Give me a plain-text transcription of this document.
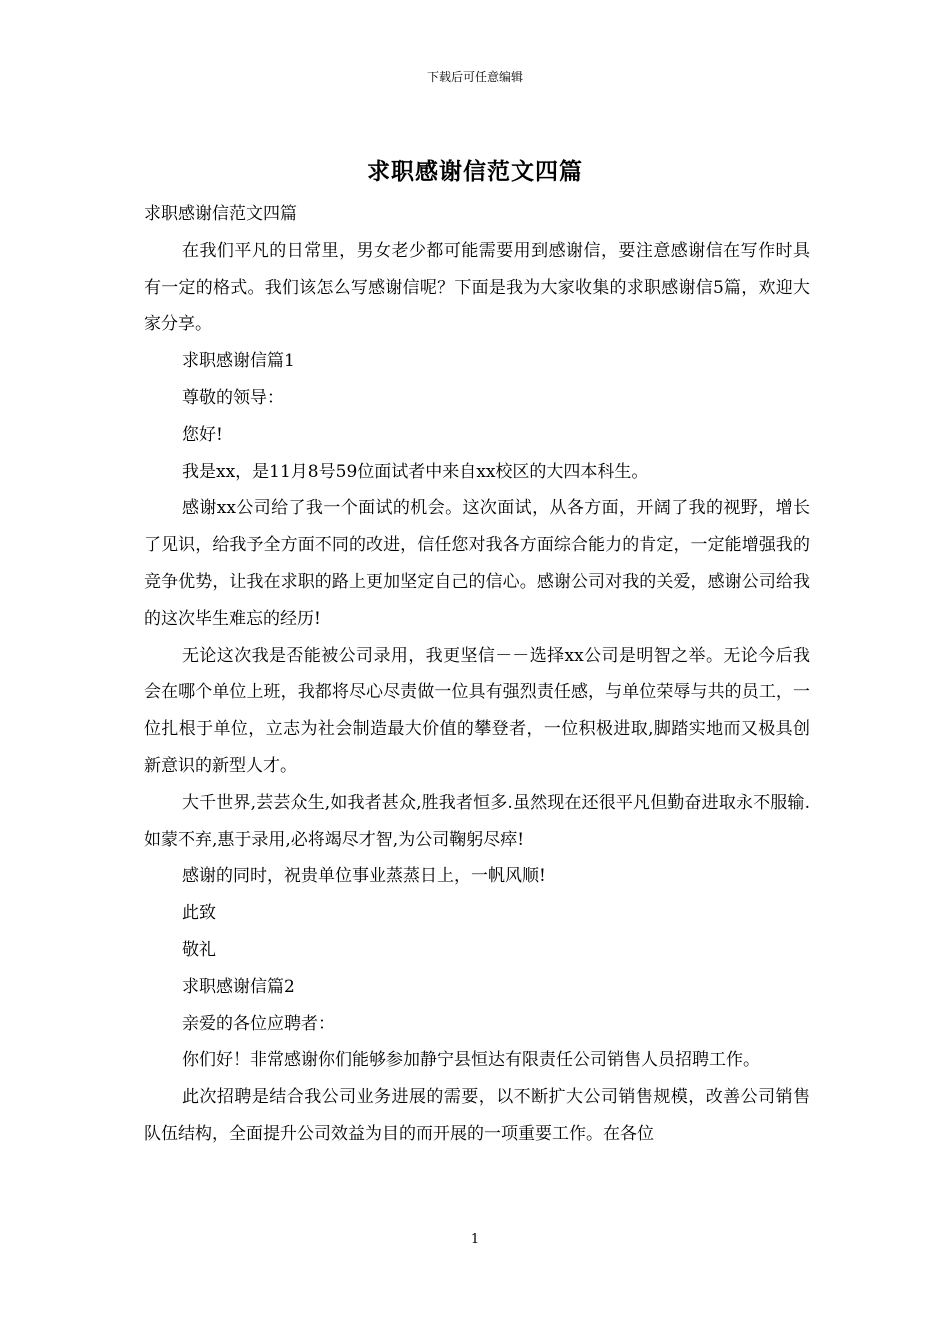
下载后可任意编辑
求职感谢信范文四篇

求职感谢信范文四篇

在我们平凡的日常里，男女老少都可能需要用到感谢信，要注意感谢信在写作时具有一定的格式。我们该怎么写感谢信呢？下面是我为大家收集的求职感谢信5篇，欢迎大家分享。

求职感谢信篇1

尊敬的领导：

您好!

我是xx，是11月8号59位面试者中来自xx校区的大四本科生。

感谢xx公司给了我一个面试的机会。这次面试，从各方面，开阔了我的视野，增长了见识，给我予全方面不同的改进，信任您对我各方面综合能力的肯定，一定能增强我的竞争优势，让我在求职的路上更加坚定自己的信心。感谢公司对我的关爱，感谢公司给我的这次毕生难忘的经历!

无论这次我是否能被公司录用，我更坚信－－选择xx公司是明智之举。无论今后我会在哪个单位上班，我都将尽心尽责做一位具有强烈责任感，与单位荣辱与共的员工，一位扎根于单位，立志为社会制造最大价值的攀登者，一位积极进取,脚踏实地而又极具创新意识的新型人才。

大千世界,芸芸众生,如我者甚众,胜我者恒多.虽然现在还很平凡但勤奋进取永不服输.如蒙不弃,惠于录用,必将竭尽才智,为公司鞠躬尽瘁!

感谢的同时，祝贵单位事业蒸蒸日上，一帆风顺!

此致

敬礼

求职感谢信篇2

亲爱的各位应聘者：

你们好！非常感谢你们能够参加静宁县恒达有限责任公司销售人员招聘工作。

此次招聘是结合我公司业务进展的需要，以不断扩大公司销售规模，改善公司销售队伍结构，全面提升公司效益为目的而开展的一项重要工作。在各位

1
